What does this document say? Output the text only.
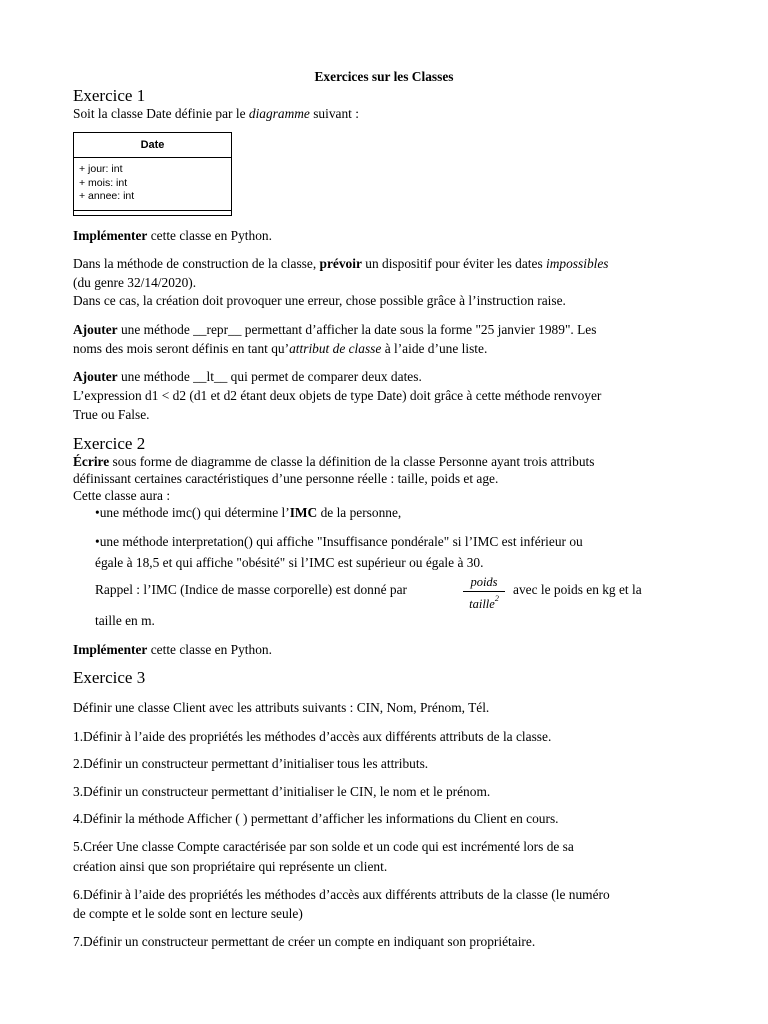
Exercices sur les Classes
Exercice 1
Soit la classe Date définie par le diagramme suivant :
Date
+ jour: int
+ mois: int
+ annee: int
Implémenter cette classe en Python.
Dans la méthode de construction de la classe, prévoir un dispositif pour éviter les dates impossibles
(du genre 32/14/2020).
Dans ce cas, la création doit provoquer une erreur, chose possible grâce à l’instruction raise.
Ajouter une méthode __repr__ permettant d’afficher la date sous la forme "25 janvier 1989". Les
noms des mois seront définis en tant qu’attribut de classe à l’aide d’une liste.
Ajouter une méthode __lt__ qui permet de comparer deux dates.
L’expression d1 < d2 (d1 et d2 étant deux objets de type Date) doit grâce à cette méthode renvoyer
True ou False.
Exercice 2
Écrire sous forme de diagramme de classe la définition de la classe Personne ayant trois attributs
définissant certaines caractéristiques d’une personne réelle : taille, poids et age.
Cette classe aura :
•une méthode imc() qui détermine l’IMC de la personne,
•une méthode interpretation() qui affiche "Insuffisance pondérale" si l’IMC est inférieur ou
égale à 18,5 et qui affiche "obésité" si l’IMC est supérieur ou égale à 30.
Rappel : l’IMC (Indice de masse corporelle) est donné par	poids
taille$^2$
avec le poids en kg et la
taille en m.
Implémenter cette classe en Python.
Exercice 3
Définir une classe Client avec les attributs suivants : CIN, Nom, Prénom, Tél.
1.Définir à l’aide des propriétés les méthodes d’accès aux différents attributs de la classe.
2.Définir un constructeur permettant d’initialiser tous les attributs.
3.Définir un constructeur permettant d’initialiser le CIN, le nom et le prénom.
4.Définir la méthode Afficher ( ) permettant d’afficher les informations du Client en cours.
5.Créer Une classe Compte caractérisée par son solde et un code qui est incrémenté lors de sa
création ainsi que son propriétaire qui représente un client.
6.Définir à l’aide des propriétés les méthodes d’accès aux différents attributs de la classe (le numéro
de compte et le solde sont en lecture seule)
7.Définir un constructeur permettant de créer un compte en indiquant son propriétaire.
